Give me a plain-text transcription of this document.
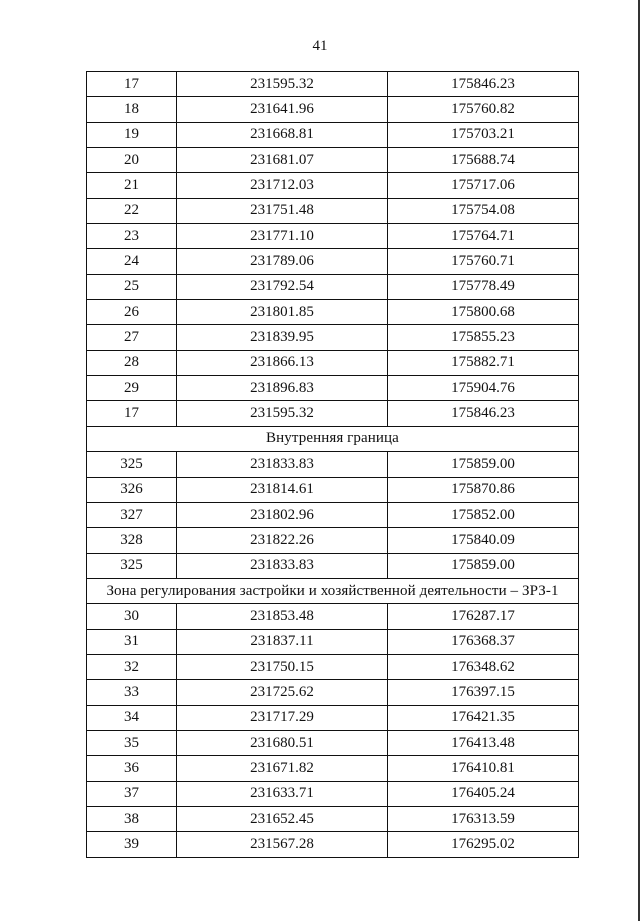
41
17	231595.32	175846.23
18	231641.96	175760.82
19	231668.81	175703.21
20	231681.07	175688.74
21	231712.03	175717.06
22	231751.48	175754.08
23	231771.10	175764.71
24	231789.06	175760.71
25	231792.54	175778.49
26	231801.85	175800.68
27	231839.95	175855.23
28	231866.13	175882.71
29	231896.83	175904.76
17	231595.32	175846.23
Внутренняя граница		
325	231833.83	175859.00
326	231814.61	175870.86
327	231802.96	175852.00
328	231822.26	175840.09
325	231833.83	175859.00
Зона регулирования застройки и хозяйственной деятельности – ЗРЗ-1		
30	231853.48	176287.17
31	231837.11	176368.37
32	231750.15	176348.62
33	231725.62	176397.15
34	231717.29	176421.35
35	231680.51	176413.48
36	231671.82	176410.81
37	231633.71	176405.24
38	231652.45	176313.59
39	231567.28	176295.02
